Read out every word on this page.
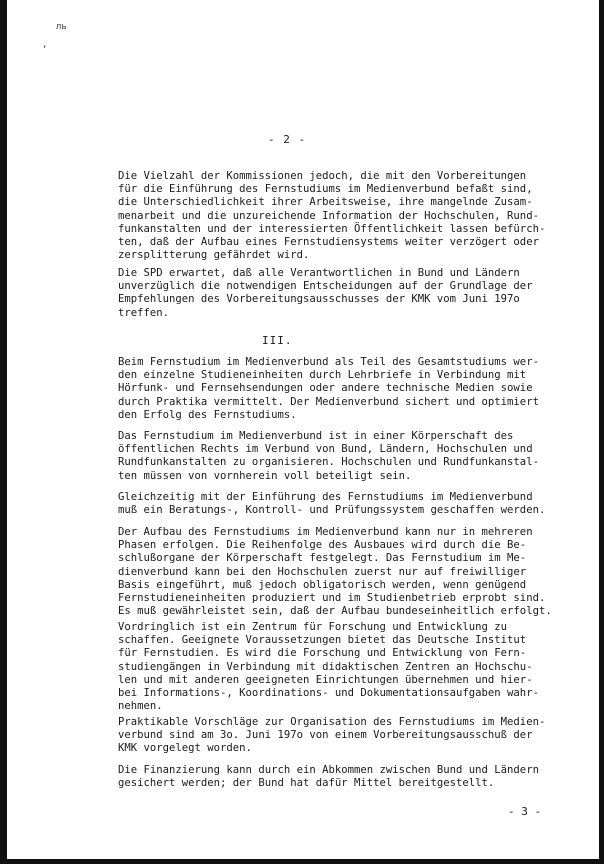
ль
,
- 2 -

Die Vielzahl der Kommissionen jedoch, die mit den Vorbereitungen
für die Einführung des Fernstudiums im Medienverbund befaßt sind,
die Unterschiedlichkeit ihrer Arbeitsweise, ihre mangelnde Zusam-
menarbeit und die unzureichende Information der Hochschulen, Rund-
funkanstalten und der interessierten Öffentlichkeit lassen befürch-
ten, daß der Aufbau eines Fernstudiensystems weiter verzögert oder
zersplitterung gefährdet wird.

Die SPD erwartet, daß alle Verantwortlichen in Bund und Ländern
unverzüglich die notwendigen Entscheidungen auf der Grundlage der
Empfehlungen des Vorbereitungsausschusses der KMK vom Juni 197o
treffen.

III.

Beim Fernstudium im Medienverbund als Teil des Gesamtstudiums wer-
den einzelne Studieneinheiten durch Lehrbriefe in Verbindung mit
Hörfunk- und Fernsehsendungen oder andere technische Medien sowie
durch Praktika vermittelt. Der Medienverbund sichert und optimiert
den Erfolg des Fernstudiums.

Das Fernstudium im Medienverbund ist in einer Körperschaft des
öffentlichen Rechts im Verbund von Bund, Ländern, Hochschulen und
Rundfunkanstalten zu organisieren. Hochschulen und Rundfunkanstal-
ten müssen von vornherein voll beteiligt sein.

Gleichzeitig mit der Einführung des Fernstudiums im Medienverbund
muß ein Beratungs-, Kontroll- und Prüfungssystem geschaffen werden.

Der Aufbau des Fernstudiums im Medienverbund kann nur in mehreren
Phasen erfolgen. Die Reihenfolge des Ausbaues wird durch die Be-
schlußorgane der Körperschaft festgelegt. Das Fernstudium im Me-
dienverbund kann bei den Hochschulen zuerst nur auf freiwilliger
Basis eingeführt, muß jedoch obligatorisch werden, wenn genügend
Fernstudieneinheiten produziert und im Studienbetrieb erprobt sind.
Es muß gewährleistet sein, daß der Aufbau bundeseinheitlich erfolgt.

Vordringlich ist ein Zentrum für Forschung und Entwicklung zu
schaffen. Geeignete Voraussetzungen bietet das Deutsche Institut
für Fernstudien. Es wird die Forschung und Entwicklung von Fern-
studiengängen in Verbindung mit didaktischen Zentren an Hochschu-
len und mit anderen geeigneten Einrichtungen übernehmen und hier-
bei Informations-, Koordinations- und Dokumentationsaufgaben wahr-
nehmen.

Praktikable Vorschläge zur Organisation des Fernstudiums im Medien-
verbund sind am 3o. Juni 197o von einem Vorbereitungsausschuß der
KMK vorgelegt worden.

Die Finanzierung kann durch ein Abkommen zwischen Bund und Ländern
gesichert werden; der Bund hat dafür Mittel bereitgestellt.

- 3 -
